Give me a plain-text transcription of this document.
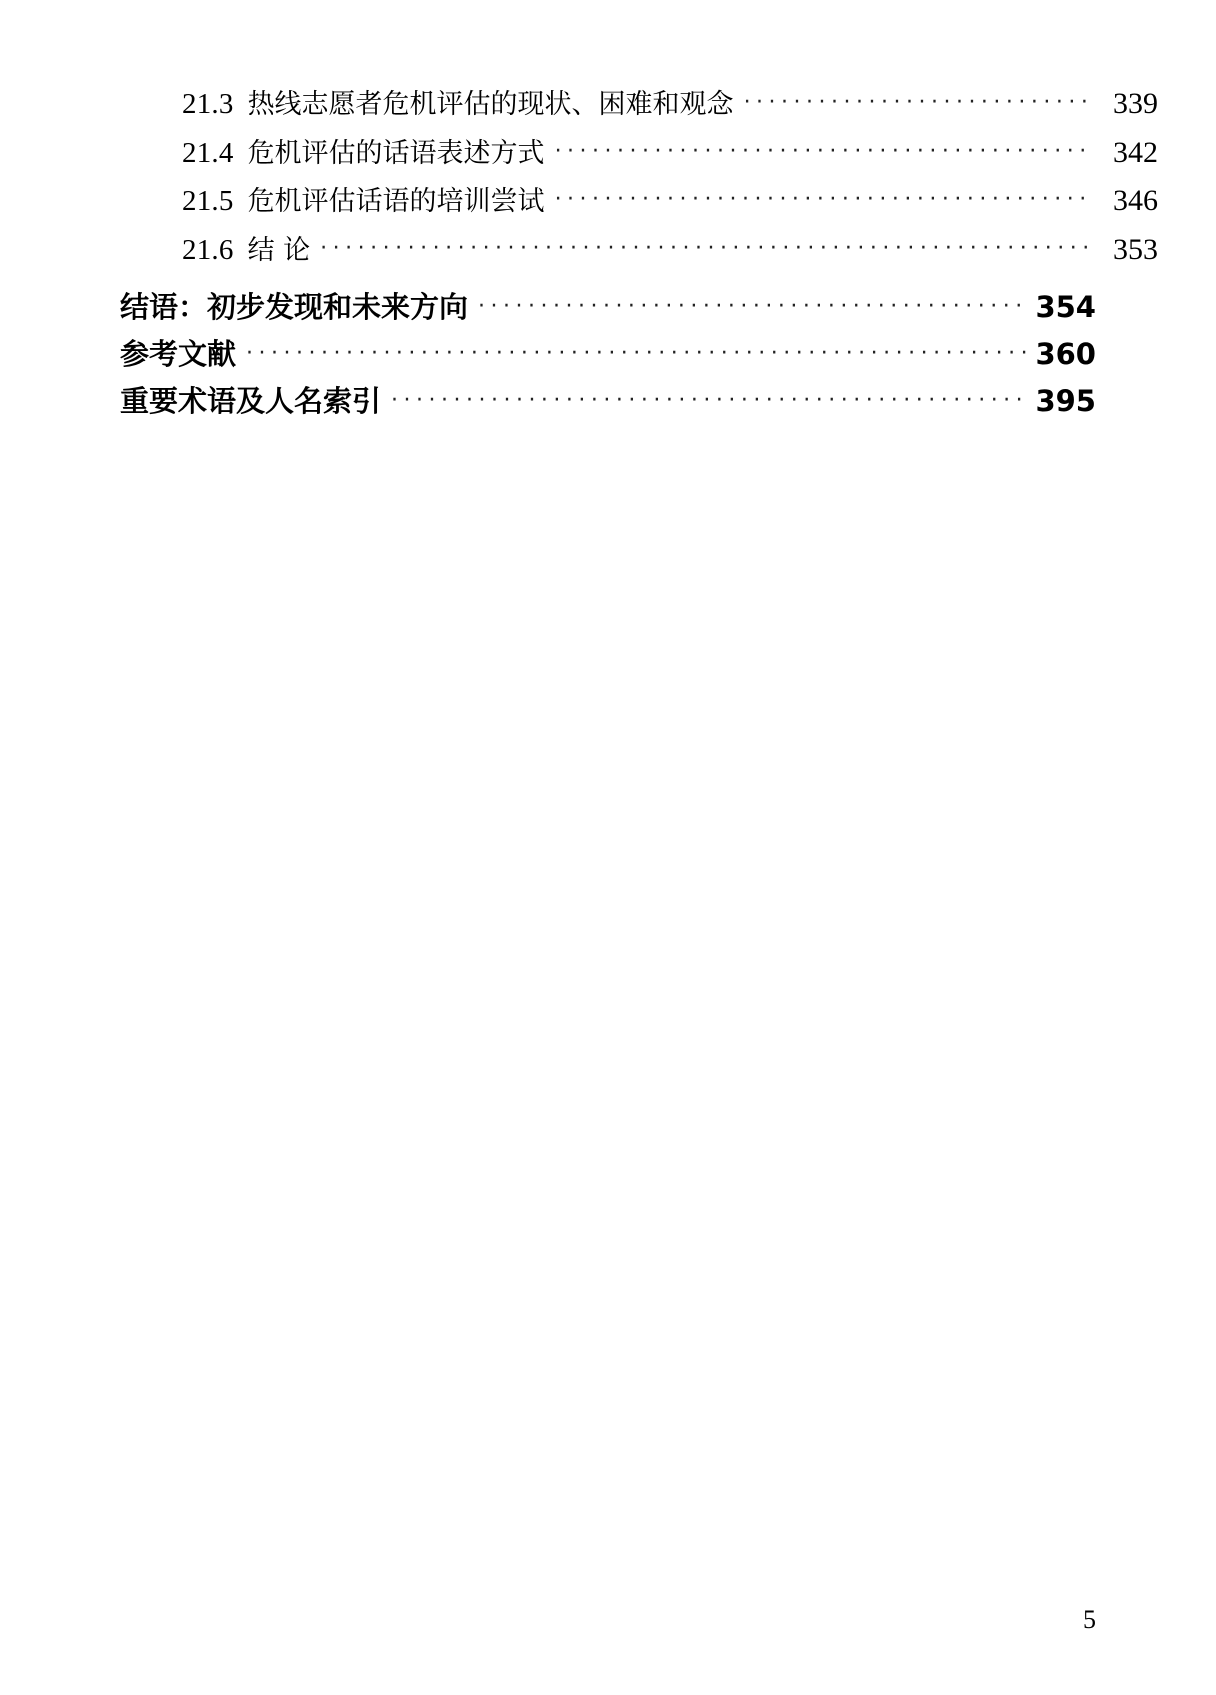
21.3 热线志愿者危机评估的现状、困难和观念 ·····	339
21.4 危机评估的话语表述方式 ·····	342
21.5 危机评估话语的培训尝试 ·····	346
21.6 结 论 ·····	353
结语：初步发现和未来方向 ·····	354
参考文献 ·····	360
重要术语及人名索引 ·····	395
5
